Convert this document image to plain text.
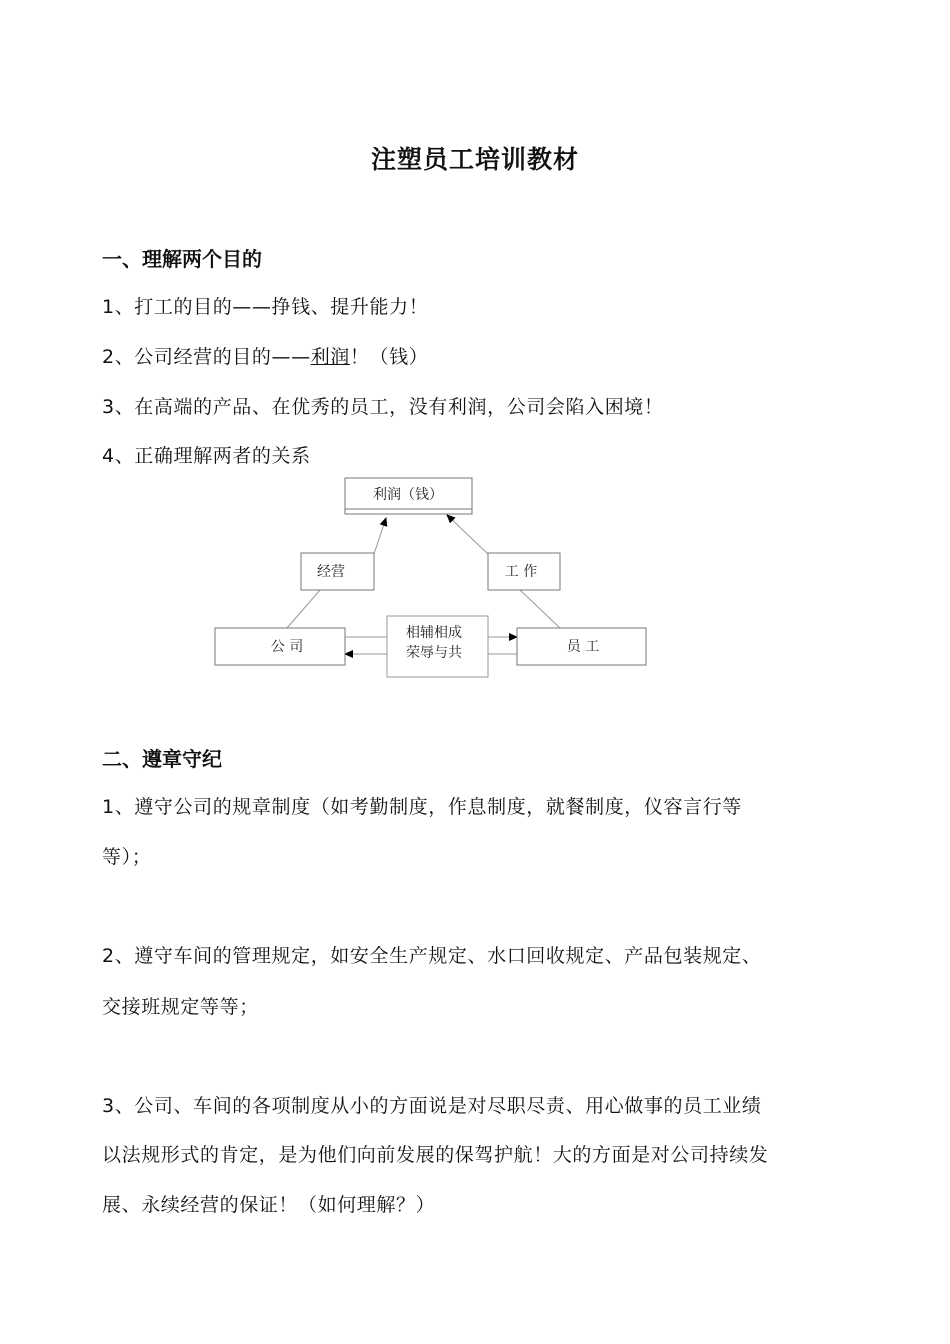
注塑员工培训教材
一、理解两个目的
1、打工的目的——挣钱、提升能力！
2、公司经营的目的——利润！（钱）
3、在高端的产品、在优秀的员工，没有利润，公司会陷入困境！
4、正确理解两者的关系
利润（钱）
经营	工 作
公 司	员 工
相辅相成
荣辱与共
二、遵章守纪
1、遵守公司的规章制度（如考勤制度，作息制度，就餐制度，仪容言行等
等）；
2、遵守车间的管理规定，如安全生产规定、水口回收规定、产品包装规定、
交接班规定等等；
3、公司、车间的各项制度从小的方面说是对尽职尽责、用心做事的员工业绩
以法规形式的肯定，是为他们向前发展的保驾护航！大的方面是对公司持续发
展、永续经营的保证！（如何理解？）
